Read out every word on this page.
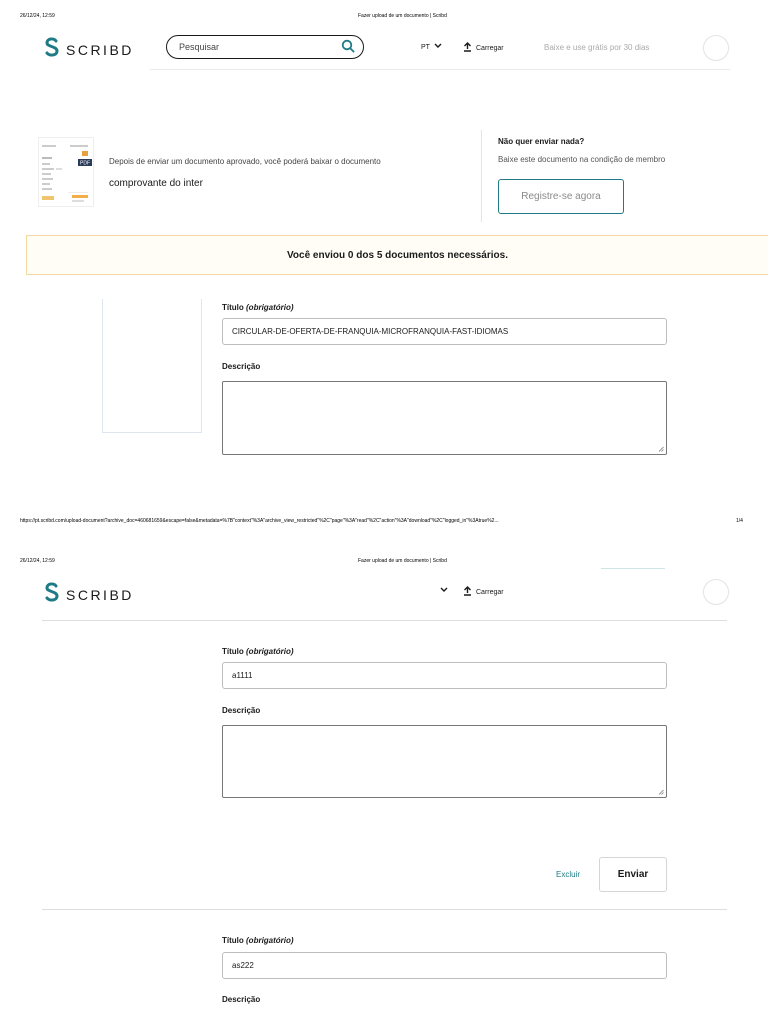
26/12/24, 12:59	Fazer upload de um documento | Scribd
SCRIBD	Pesquisar	PT	Carregar	Baixe e use grátis por 30 dias
PDF Depois de enviar um documento aprovado, você poderá baixar o documento
comprovante do inter
Não quer enviar nada?
Baixe este documento na condição de membro
Registre-se agora
Você enviou 0 dos 5 documentos necessários.
Título (obrigatório)
CIRCULAR-DE-OFERTA-DE-FRANQUIA-MICROFRANQUIA-FAST-IDIOMAS
Descrição
https://pt.scribd.com/upload-document?archive_doc=460681659&escape=false&metadata=%7B"context"%3A"archive_view_restricted"%2C"page"%3A"read"%2C"action"%3A"download"%2C"logged_in"%3Atrue%2...	1/4
26/12/24, 12:59	Fazer upload de um documento | Scribd
SCRIBD	Carregar
Título (obrigatório)
a1111
Descrição
Excluir	Enviar
Título (obrigatório)
as222
Descrição
